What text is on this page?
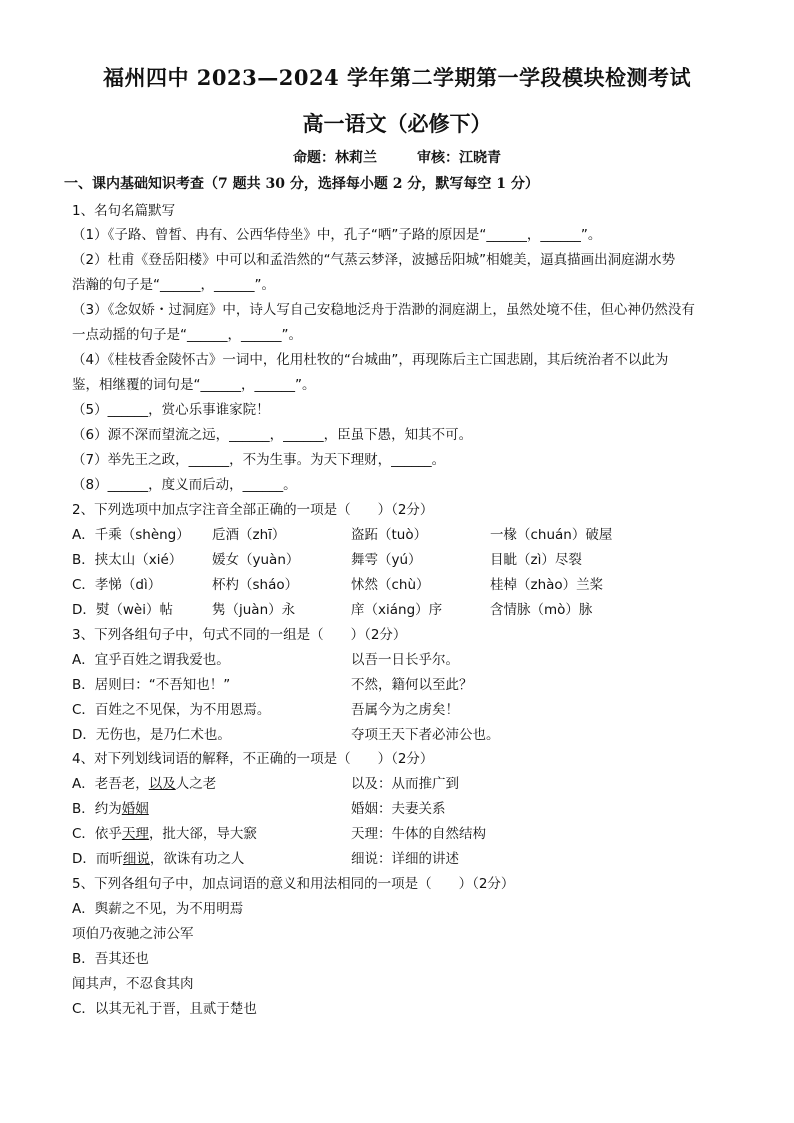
福州四中 2023—2024 学年第二学期第一学段模块检测考试
高一语文（必修下）
命题：林莉兰	审核：江晓青
一、课内基础知识考查（7 题共 30 分，选择每小题 2 分，默写每空 1 分）
1、名句名篇默写
（1）《子路、曾皙、冉有、公西华侍坐》中，孔子“哂”子路的原因是“______，______”。
（2）杜甫《登岳阳楼》中可以和孟浩然的“气蒸云梦泽，波撼岳阳城”相媲美，逼真描画出洞庭湖水势
浩瀚的句子是“______，______”。
（3）《念奴娇・过洞庭》中，诗人写自己安稳地泛舟于浩渺的洞庭湖上，虽然处境不佳，但心神仍然没有
一点动摇的句子是“______，______”。
（4）《桂枝香金陵怀古》一词中，化用杜牧的“台城曲”，再现陈后主亡国悲剧，其后统治者不以此为
鉴，相继覆的词句是“______，______”。
（5）______，赏心乐事谁家院！
（6）源不深而望流之远，______，______，臣虽下愚，知其不可。
（7）举先王之政，______，不为生事。为天下理财，______。
（8）______，度义而后动，______。
2、下列选项中加点字注音全部正确的一项是（　　）（2分）
A．千乘（shèng） 卮酒（zhī）	盗跖（tuò）	一椽（chuán）破屋
B．挟太山（xié） 媛女（yuàn）	舞雩（yú）	目眦（zì）尽裂
C．孝悌（dì）	杯杓（sháo）	怵然（chù）	桂棹（zhào）兰桨
D．熨（wèi）帖	隽（juàn）永	庠（xiáng）序	含情脉（mò）脉
3、下列各组句子中，句式不同的一组是（　　）（2分）
A．宜乎百姓之谓我爱也。	以吾一日长乎尔。
B．居则曰：“不吾知也！”	不然，籍何以至此？
C．百姓之不见保，为不用恩焉。	吾属今为之虏矣！
D．无伤也，是乃仁术也。	夺项王天下者必沛公也。
4、对下列划线词语的解释，不正确的一项是（　　）（2分）
A．老吾老，以及人之老	以及：从而推广到
B．约为婚姻	婚姻：夫妻关系
C．依乎天理，批大郤，导大窾	天理：牛体的自然结构
D．而听细说，欲诛有功之人	细说：详细的讲述
5、下列各组句子中，加点词语的意义和用法相同的一项是（　　）（2分）
A．舆薪之不见，为不用明焉
项伯乃夜驰之沛公军
B．吾其还也
闻其声，不忍食其肉
C．以其无礼于晋，且贰于楚也
